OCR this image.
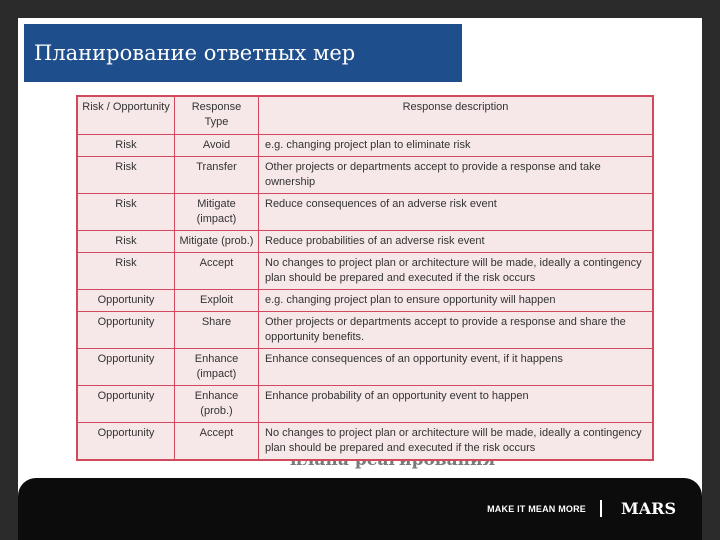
Планирование ответных мер
Risk / Opportunity	Response Type	Response description
Risk	Avoid	e.g. changing project plan to eliminate risk
Risk	Transfer	Other projects or departments accept to provide a response and take ownership
Risk	Mitigate (impact)	Reduce consequences of an adverse risk event
Risk	Mitigate (prob.)	Reduce probabilities of an adverse risk event
Risk	Accept	No changes to project plan or architecture will be made, ideally a contingency plan should be prepared and executed if the risk occurs
Opportunity	Exploit	e.g. changing project plan to ensure opportunity will happen
Opportunity	Share	Other projects or departments accept to provide a response and share the opportunity benefits.
Opportunity	Enhance (impact)	Enhance consequences of an opportunity event, if it happens
Opportunity	Enhance (prob.)	Enhance probability of an opportunity event to happen
Opportunity	Accept	No changes to project plan or architecture will be made, ideally a contingency plan should be prepared and executed if the risk occurs
MAKE IT MEAN MORE MARS
